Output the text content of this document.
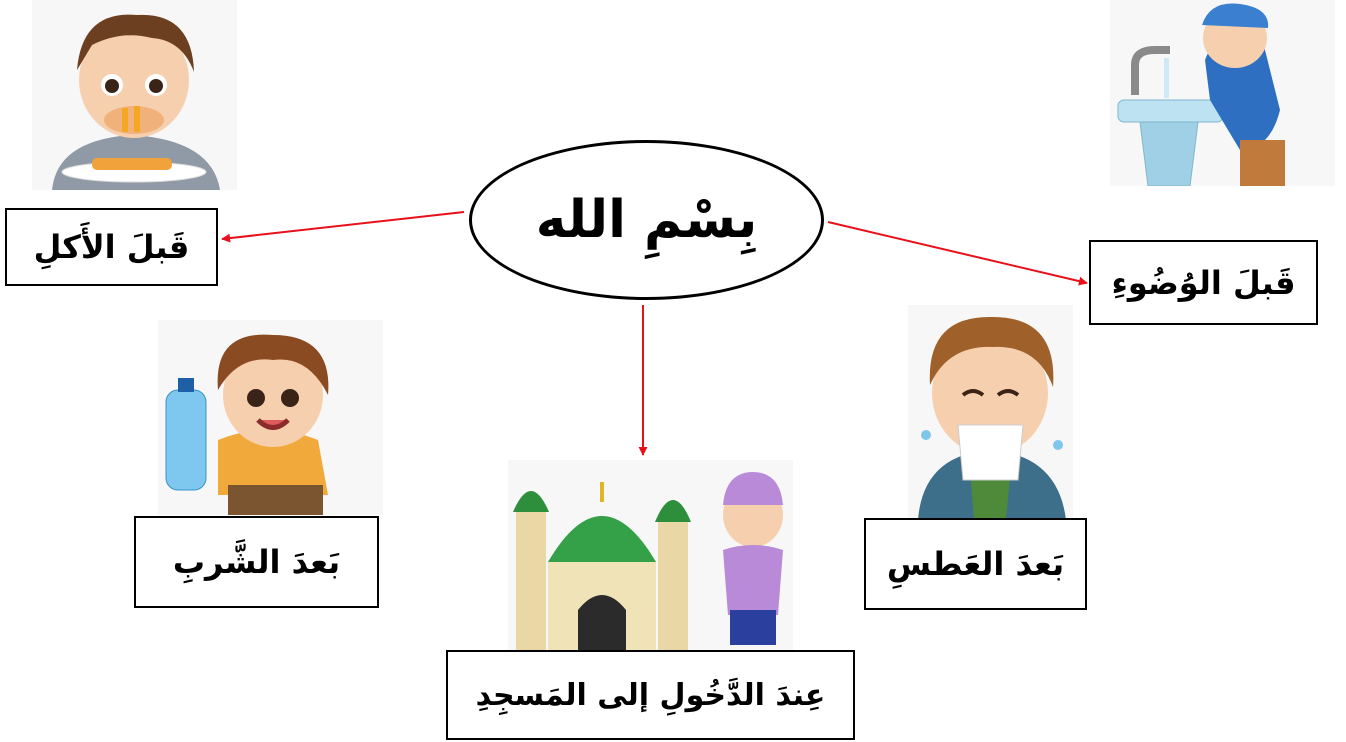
بِسْمِ الله
قَبلَ الأَكلِ
قَبلَ الوُضُوءِ
بَعدَ الشَّربِ	بَعدَ العَطسِ
عِندَ الدَّخُولِ إلى المَسجِدِ
